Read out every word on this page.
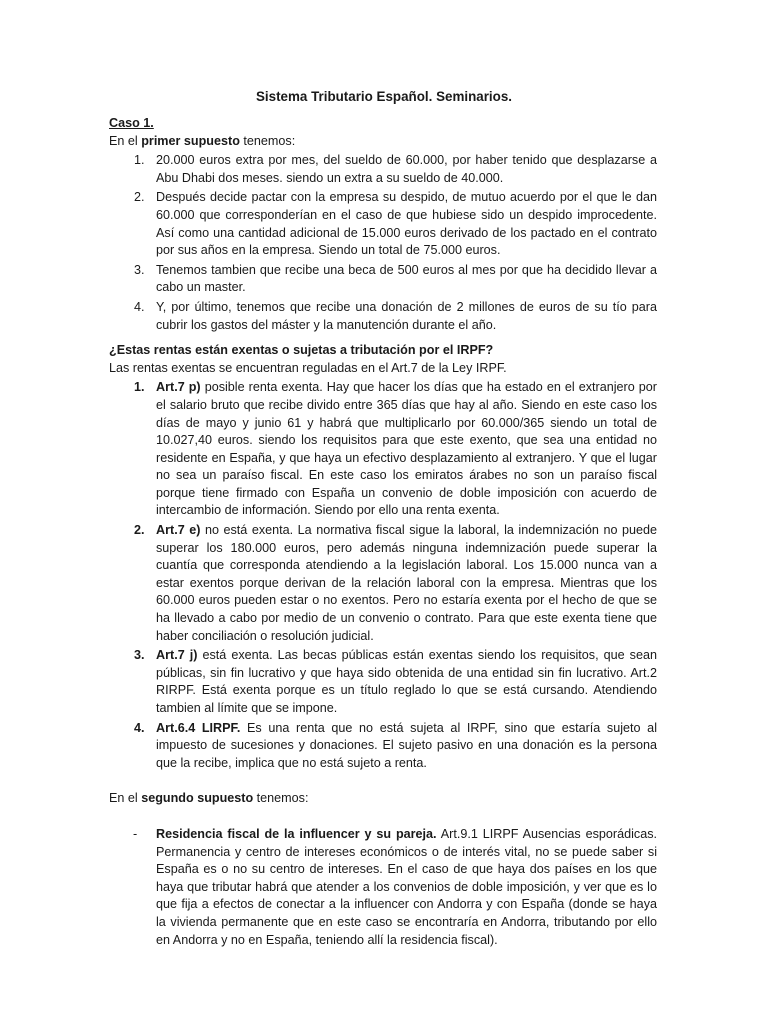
Sistema Tributario Español. Seminarios.

Caso 1.

En el primer supuesto tenemos:

1. 20.000 euros extra por mes, del sueldo de 60.000, por haber tenido que desplazarse a Abu Dhabi dos meses. siendo un extra a su sueldo de 40.000.
2. Después decide pactar con la empresa su despido, de mutuo acuerdo por el que le dan 60.000 que corresponderían en el caso de que hubiese sido un despido improcedente. Así como una cantidad adicional de 15.000 euros derivado de los pactado en el contrato por sus años en la empresa. Siendo un total de 75.000 euros.
3. Tenemos tambien que recibe una beca de 500 euros al mes por que ha decidido llevar a cabo un master.
4. Y, por último, tenemos que recibe una donación de 2 millones de euros de su tío para cubrir los gastos del máster y la manutención durante el año.

¿Estas rentas están exentas o sujetas a tributación por el IRPF?

Las rentas exentas se encuentran reguladas en el Art.7 de la Ley IRPF.

1. Art.7 p) posible renta exenta. Hay que hacer los días que ha estado en el extranjero por el salario bruto que recibe divido entre 365 días que hay al año. Siendo en este caso los días de mayo y junio 61 y habrá que multiplicarlo por 60.000/365 siendo un total de 10.027,40 euros. siendo los requisitos para que este exento, que sea una entidad no residente en España, y que haya un efectivo desplazamiento al extranjero. Y que el lugar no sea un paraíso fiscal. En este caso los emiratos árabes no son un paraíso fiscal porque tiene firmado con España un convenio de doble imposición con acuerdo de intercambio de información. Siendo por ello una renta exenta.
2. Art.7 e) no está exenta. La normativa fiscal sigue la laboral, la indemnización no puede superar los 180.000 euros, pero además ninguna indemnización puede superar la cuantía que corresponda atendiendo a la legislación laboral. Los 15.000 nunca van a estar exentos porque derivan de la relación laboral con la empresa. Mientras que los 60.000 euros pueden estar o no exentos. Pero no estaría exenta por el hecho de que se ha llevado a cabo por medio de un convenio o contrato. Para que este exenta tiene que haber conciliación o resolución judicial.
3. Art.7 j) está exenta. Las becas públicas están exentas siendo los requisitos, que sean públicas, sin fin lucrativo y que haya sido obtenida de una entidad sin fin lucrativo. Art.2 RIRPF. Está exenta porque es un título reglado lo que se está cursando. Atendiendo tambien al límite que se impone.
4. Art.6.4 LIRPF. Es una renta que no está sujeta al IRPF, sino que estaría sujeto al impuesto de sucesiones y donaciones. El sujeto pasivo en una donación es la persona que la recibe, implica que no está sujeto a renta.

En el segundo supuesto tenemos:

- Residencia fiscal de la influencer y su pareja. Art.9.1 LIRPF Ausencias esporádicas. Permanencia y centro de intereses económicos o de interés vital, no se puede saber si España es o no su centro de intereses. En el caso de que haya dos países en los que haya que tributar habrá que atender a los convenios de doble imposición, y ver que es lo que fija a efectos de conectar a la influencer con Andorra y con España (donde se haya la vivienda permanente que en este caso se encontraría en Andorra, tributando por ello en Andorra y no en España, teniendo allí la residencia fiscal).
